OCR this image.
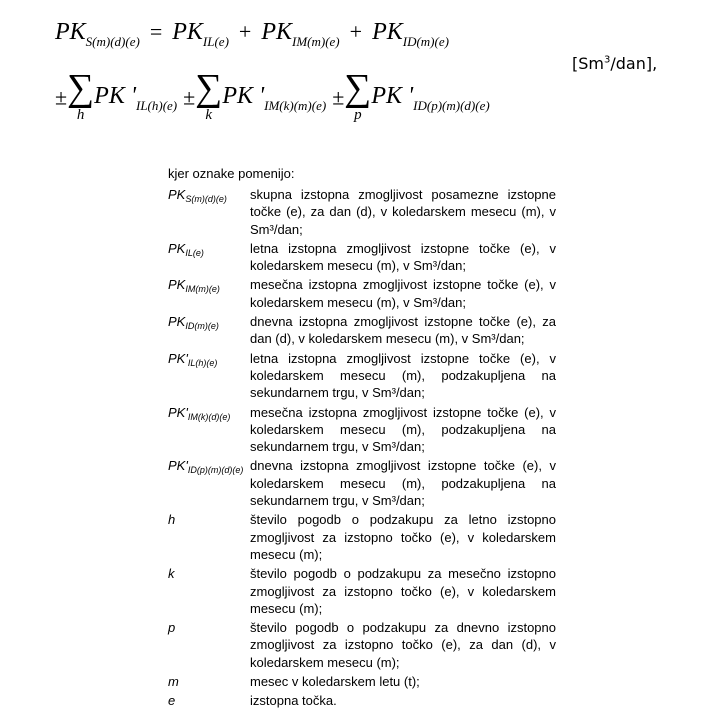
$PK_{S(m)(d)(e)} = PK_{IL(e)} + PK_{IM(m)(e)} + PK_{ID(m)(e)}$
± ∑
h
PK '$_{IL(h)(e)}$ ± ∑
k
PK '$_{IM(k)(m)(e)}$ ± ∑
p
PK '$_{ID(p)(m)(d)(e)}$
[Sm$^3$/dan],
kjer oznake pomenijo:
$PK_{S(m)(d)(e)}$	skupna izstopna zmogljivost posamezne izstopne točke (e), za dan (d), v koledarskem mesecu (m), v Sm³/dan;
$PK_{IL(e)}$	letna izstopna zmogljivost izstopne točke (e), v koledarskem mesecu (m), v Sm³/dan;
$PK_{IM(m)(e)}$	mesečna izstopna zmogljivost izstopne točke (e), v koledarskem mesecu (m), v Sm³/dan;
$PK_{ID(m)(e)}$	dnevna izstopna zmogljivost izstopne točke (e), za dan (d), v koledarskem mesecu (m), v Sm³/dan;
$PK'_{IL(h)(e)}$	letna izstopna zmogljivost izstopne točke (e), v koledarskem mesecu (m), podzakupljena na sekundarnem trgu, v Sm³/dan;
$PK'_{IM(k)(d)(e)}$	mesečna izstopna zmogljivost izstopne točke (e), v koledarskem mesecu (m), podzakupljena na sekundarnem trgu, v Sm³/dan;
$PK'_{ID(p)(m)(d)(e)}$ dnevna izstopna zmogljivost izstopne točke (e), v koledarskem mesecu (m), podzakupljena na sekundarnem trgu, v Sm³/dan;
h	število pogodb o podzakupu za letno izstopno zmogljivost za izstopno točko (e), v koledarskem mesecu (m);
k	število pogodb o podzakupu za mesečno izstopno zmogljivost za izstopno točko (e), v koledarskem mesecu (m);
p	število pogodb o podzakupu za dnevno izstopno zmogljivost za izstopno točko (e), za dan (d), v koledarskem mesecu (m);
m	mesec v koledarskem letu (t);
e	izstopna točka.
